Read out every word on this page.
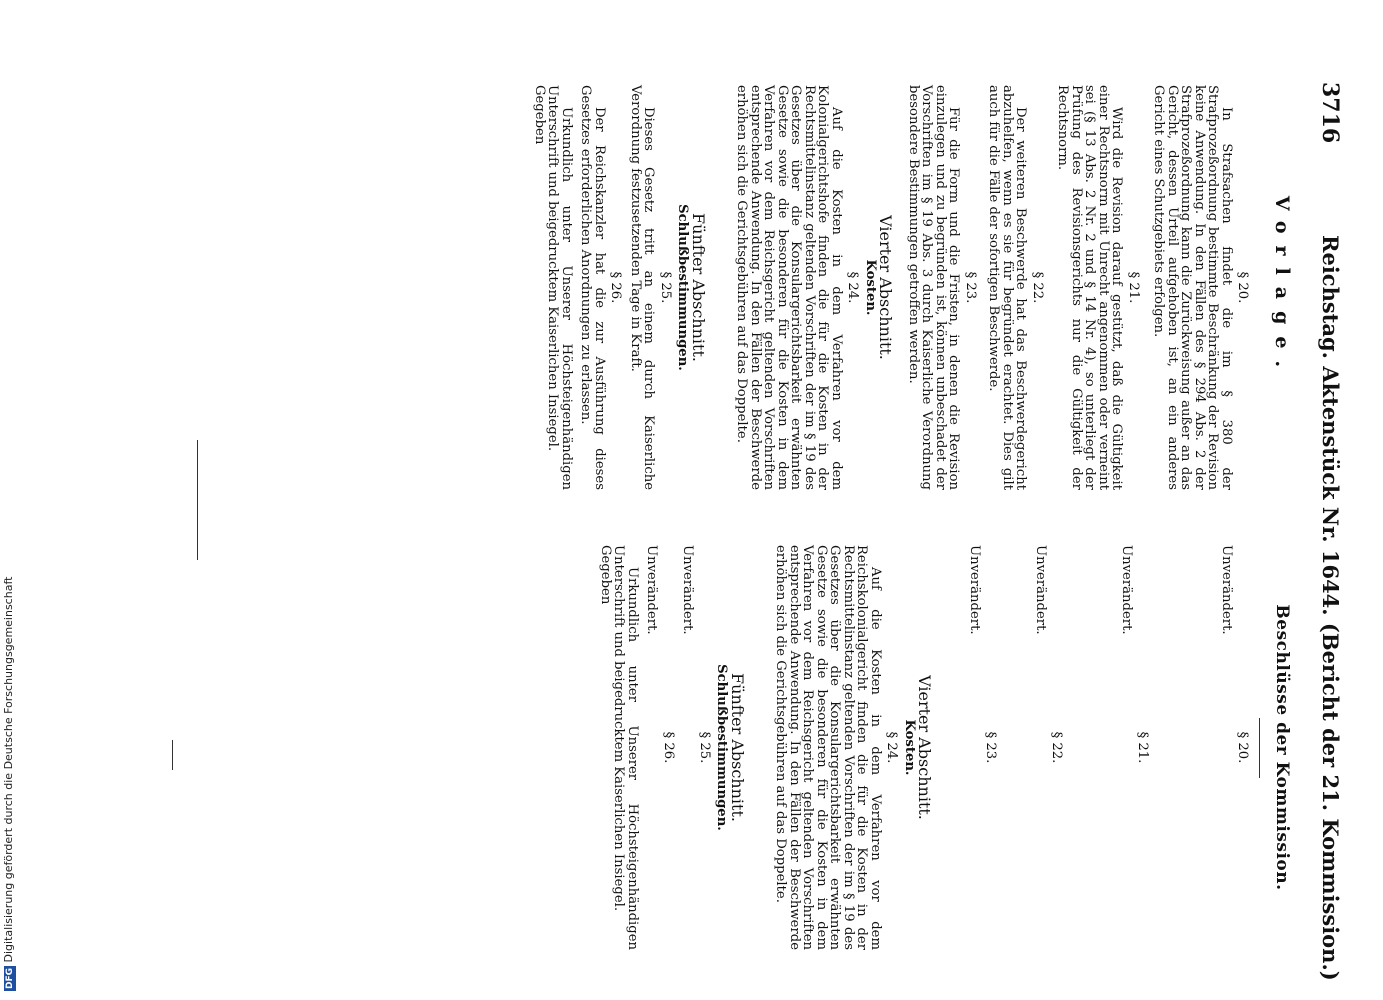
3716
Reichstag. Aktenstück Nr. 1644. (Bericht der 21. Kommission.)
Vorlage.
§ 20.
In Strafsachen findet die im § 380 der Strafprozeßordnung bestimmte Beschränkung der Revision keine Anwendung. In den Fällen des § 294 Abs. 2 der Strafprozeßordnung kann die Zurückweisung außer an das Gericht, dessen Urteil aufgehoben ist, an ein anderes Gericht eines Schutzgebiets erfolgen.
§ 21.
Wird die Revision darauf gestützt, daß die Gültigkeit einer Rechtsnorm mit Unrecht angenommen oder verneint sei (§ 13 Abs. 2 Nr. 2 und § 14 Nr. 4), so unterliegt der Prüfung des Revisionsgerichts nur die Gültigkeit der Rechtsnorm.
§ 22.
Der weiteren Beschwerde hat das Beschwerdegericht abzuhelfen, wenn es sie für begründet erachtet. Dies gilt auch für die Fälle der sofortigen Beschwerde.
§ 23.
Für die Form und die Fristen, in denen die Revision einzulegen und zu begründen ist, können unbeschadet der Vorschriften im § 19 Abs. 3 durch Kaiserliche Verordnung besondere Bestimmungen getroffen werden.
Vierter Abschnitt.
Kosten.
§ 24.
Auf die Kosten in dem Verfahren vor dem Kolonialgerichtshofe finden die für die Kosten in der Rechtsmittelinstanz geltenden Vorschriften der im § 19 des Gesetzes über die Konsulargerichtsbarkeit erwähnten Gesetze sowie die besonderen für die Kosten in dem Verfahren vor dem Reichsgericht geltenden Vorschriften entsprechende Anwendung. In den Fällen der Beschwerde erhöhen sich die Gerichtsgebühren auf das Doppelte.
Fünfter Abschnitt.
Schlußbestimmungen.
§ 25.
Dieses Gesetz tritt an einem durch Kaiserliche Verordnung festzusetzenden Tage in Kraft.
§ 26.
Der Reichskanzler hat die zur Ausführung dieses Gesetzes erforderlichen Anordnungen zu erlassen.
Urkundlich unter Unserer Höchsteigenhändigen Unterschrift und beigedrucktem Kaiserlichen Insiegel.
Gegeben
Beschlüsse der Kommission.
§ 20.
Unverändert.
§ 21.
Unverändert.
§ 22.
Unverändert.
§ 23.
Unverändert.
Vierter Abschnitt.
Kosten.
§ 24.
Auf die Kosten in dem Verfahren vor dem Reichskolonialgericht finden die für die Kosten in der Rechtsmittelinstanz geltenden Vorschriften der im § 19 des Gesetzes über die Konsulargerichtsbarkeit erwähnten Gesetze sowie die besonderen für die Kosten in dem Verfahren vor dem Reichsgericht geltenden Vorschriften entsprechende Anwendung. In den Fällen der Beschwerde erhöhen sich die Gerichtsgebühren auf das Doppelte.
Fünfter Abschnitt.
Schlußbestimmungen.
§ 25.
Unverändert.
§ 26.
Unverändert.
Urkundlich unter Unserer Höchsteigenhändigen Unterschrift und beigedrucktem Kaiserlichen Insiegel.
Gegeben
DFG Digitalisierung gefördert durch die Deutsche Forschungsgemeinschaft
